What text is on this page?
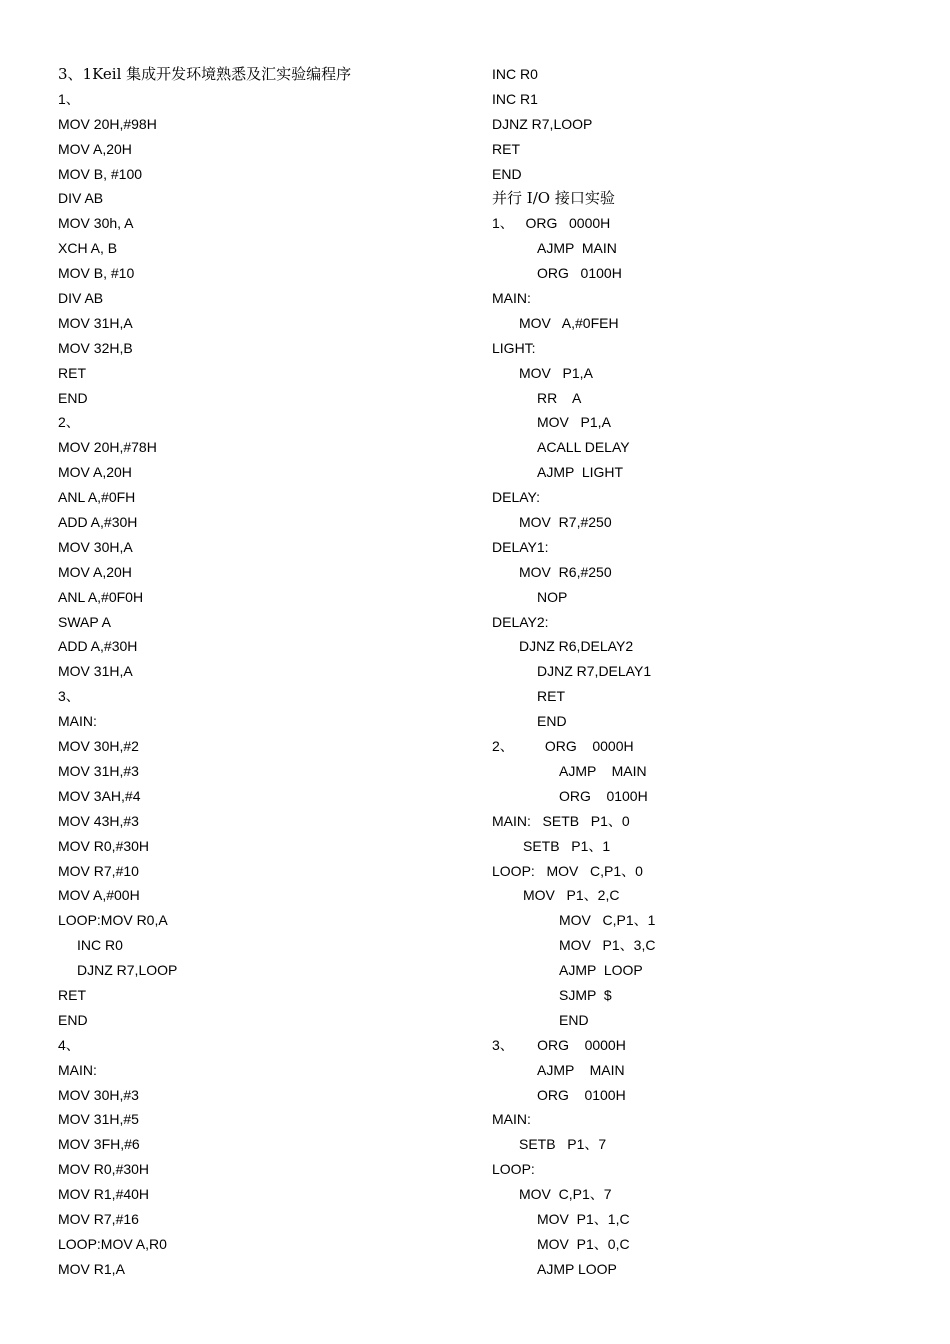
3、1Keil 集成开发环境熟悉及汇实验编程序
1、
MOV 20H,#98H
MOV A,20H
MOV B, #100
DIV AB
MOV 30h, A
XCH A, B
MOV B, #10
DIV AB
MOV 31H,A
MOV 32H,B
RET
END
2、
MOV 20H,#78H
MOV A,20H
ANL A,#0FH
ADD A,#30H
MOV 30H,A
MOV A,20H
ANL A,#0F0H
SWAP A
ADD A,#30H
MOV 31H,A
3、
MAIN:
MOV 30H,#2
MOV 31H,#3
MOV 3AH,#4
MOV 43H,#3
MOV R0,#30H
MOV R7,#10
MOV A,#00H
LOOP:MOV R0,A
INC R0
DJNZ R7,LOOP
RET
END
4、
MAIN:
MOV 30H,#3
MOV 31H,#5
MOV 3FH,#6
MOV R0,#30H
MOV R1,#40H
MOV R7,#16
LOOP:MOV A,R0
MOV R1,A
INC R0
INC R1
DJNZ R7,LOOP
RET
END
并行 I/O 接口实验
1、   ORG   0000H
AJMP  MAIN
ORG   0100H
MAIN:
MOV   A,#0FEH
LIGHT:
MOV   P1,A
RR    A
MOV   P1,A
ACALL DELAY
AJMP  LIGHT
DELAY:
MOV  R7,#250
DELAY1:
MOV  R6,#250
NOP
DELAY2:
DJNZ R6,DELAY2
DJNZ R7,DELAY1
RET
END
2、        ORG    0000H
AJMP    MAIN
ORG    0100H
MAIN:   SETB   P1、0
SETB   P1、1
LOOP:   MOV   C,P1、0
MOV   P1、2,C
MOV   C,P1、1
MOV   P1、3,C
AJMP  LOOP
SJMP  $
END
3、      ORG    0000H
AJMP    MAIN
ORG    0100H
MAIN:
SETB   P1、7
LOOP:
MOV  C,P1、7
MOV  P1、1,C
MOV  P1、0,C
AJMP LOOP
